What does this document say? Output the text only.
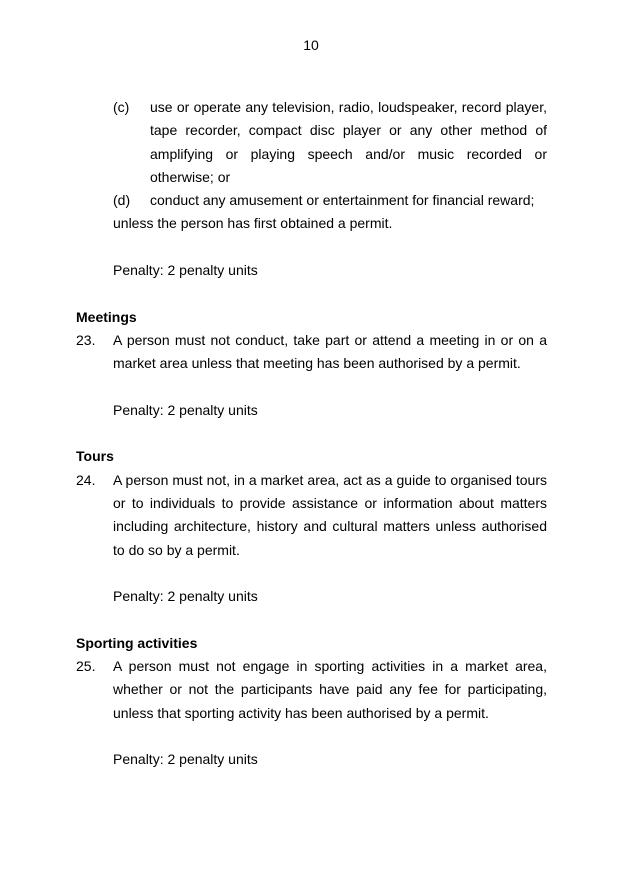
10
(c)	use or operate any television, radio, loudspeaker, record player, tape recorder, compact disc player or any other method of amplifying or playing speech and/or music recorded or otherwise; or
(d)	conduct any amusement or entertainment for financial reward;

unless the person has first obtained a permit.

Penalty: 2 penalty units

Meetings

23.	A person must not conduct, take part or attend a meeting in or on a market area unless that meeting has been authorised by a permit.

Penalty: 2 penalty units

Tours

24.	A person must not, in a market area, act as a guide to organised tours or to individuals to provide assistance or information about matters including architecture, history and cultural matters unless authorised to do so by a permit.

Penalty: 2 penalty units

Sporting activities

25.	A person must not engage in sporting activities in a market area, whether or not the participants have paid any fee for participating, unless that sporting activity has been authorised by a permit.

Penalty: 2 penalty units
